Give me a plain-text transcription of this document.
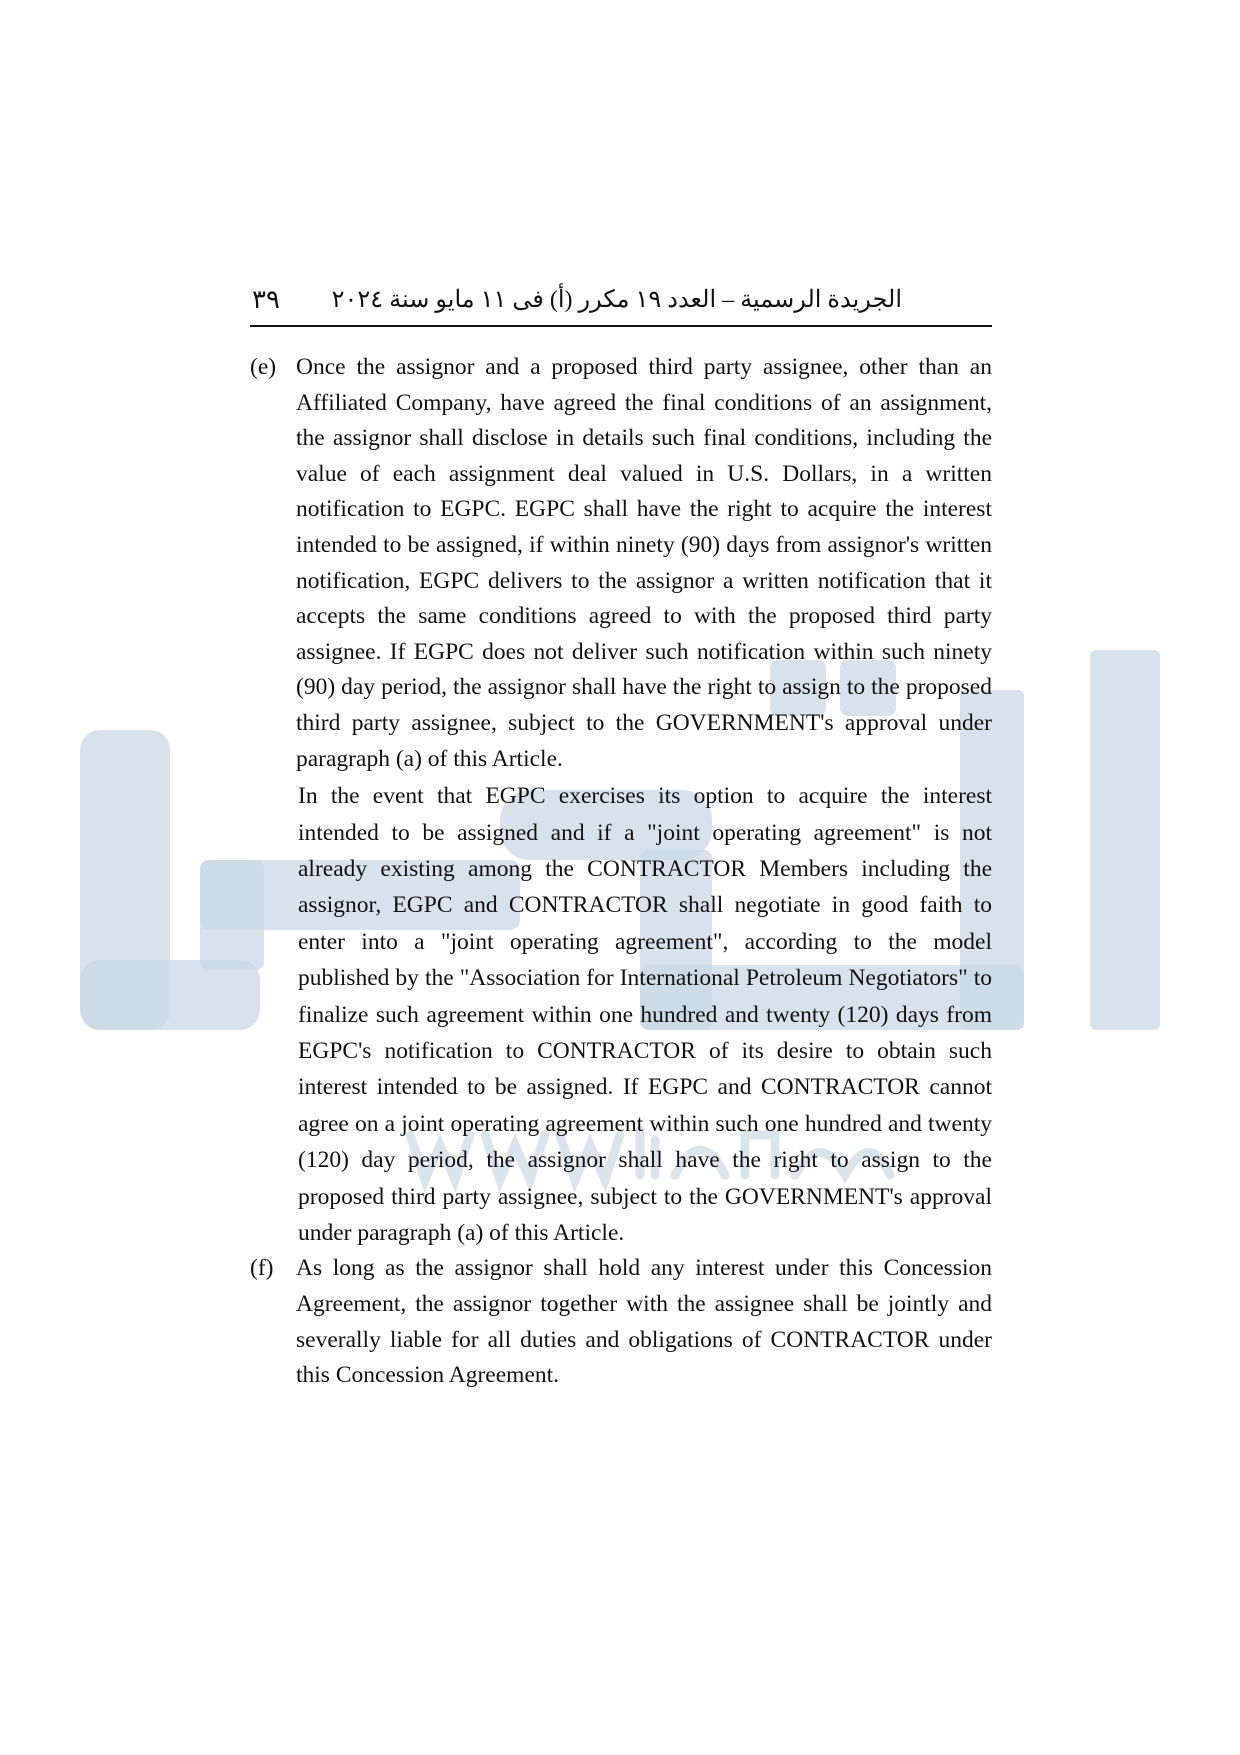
٣٩ الجريدة الرسمية – العدد ١٩ مكرر (أ) فى ١١ مايو سنة ٢٠٢٤
(e) Once the assignor and a proposed third party assignee, other than an Affiliated Company, have agreed the final conditions of an assignment, the assignor shall disclose in details such final conditions, including the value of each assignment deal valued in U.S. Dollars, in a written notification to EGPC. EGPC shall have the right to acquire the interest intended to be assigned, if within ninety (90) days from assignor's written notification, EGPC delivers to the assignor a written notification that it accepts the same conditions agreed to with the proposed third party assignee. If EGPC does not deliver such notification within such ninety (90) day period, the assignor shall have the right to assign to the proposed third party assignee, subject to the GOVERNMENT's approval under paragraph (a) of this Article.

In the event that EGPC exercises its option to acquire the interest intended to be assigned and if a "joint operating agreement" is not already existing among the CONTRACTOR Members including the assignor, EGPC and CONTRACTOR shall negotiate in good faith to enter into a "joint operating agreement", according to the model published by the "Association for International Petroleum Negotiators" to finalize such agreement within one hundred and twenty (120) days from EGPC's notification to CONTRACTOR of its desire to obtain such interest intended to be assigned. If EGPC and CONTRACTOR cannot agree on a joint operating agreement within such one hundred and twenty (120) day period, the assignor shall have the right to assign to the proposed third party assignee, subject to the GOVERNMENT's approval under paragraph (a) of this Article.

(f) As long as the assignor shall hold any interest under this Concession Agreement, the assignor together with the assignee shall be jointly and severally liable for all duties and obligations of CONTRACTOR under this Concession Agreement.
